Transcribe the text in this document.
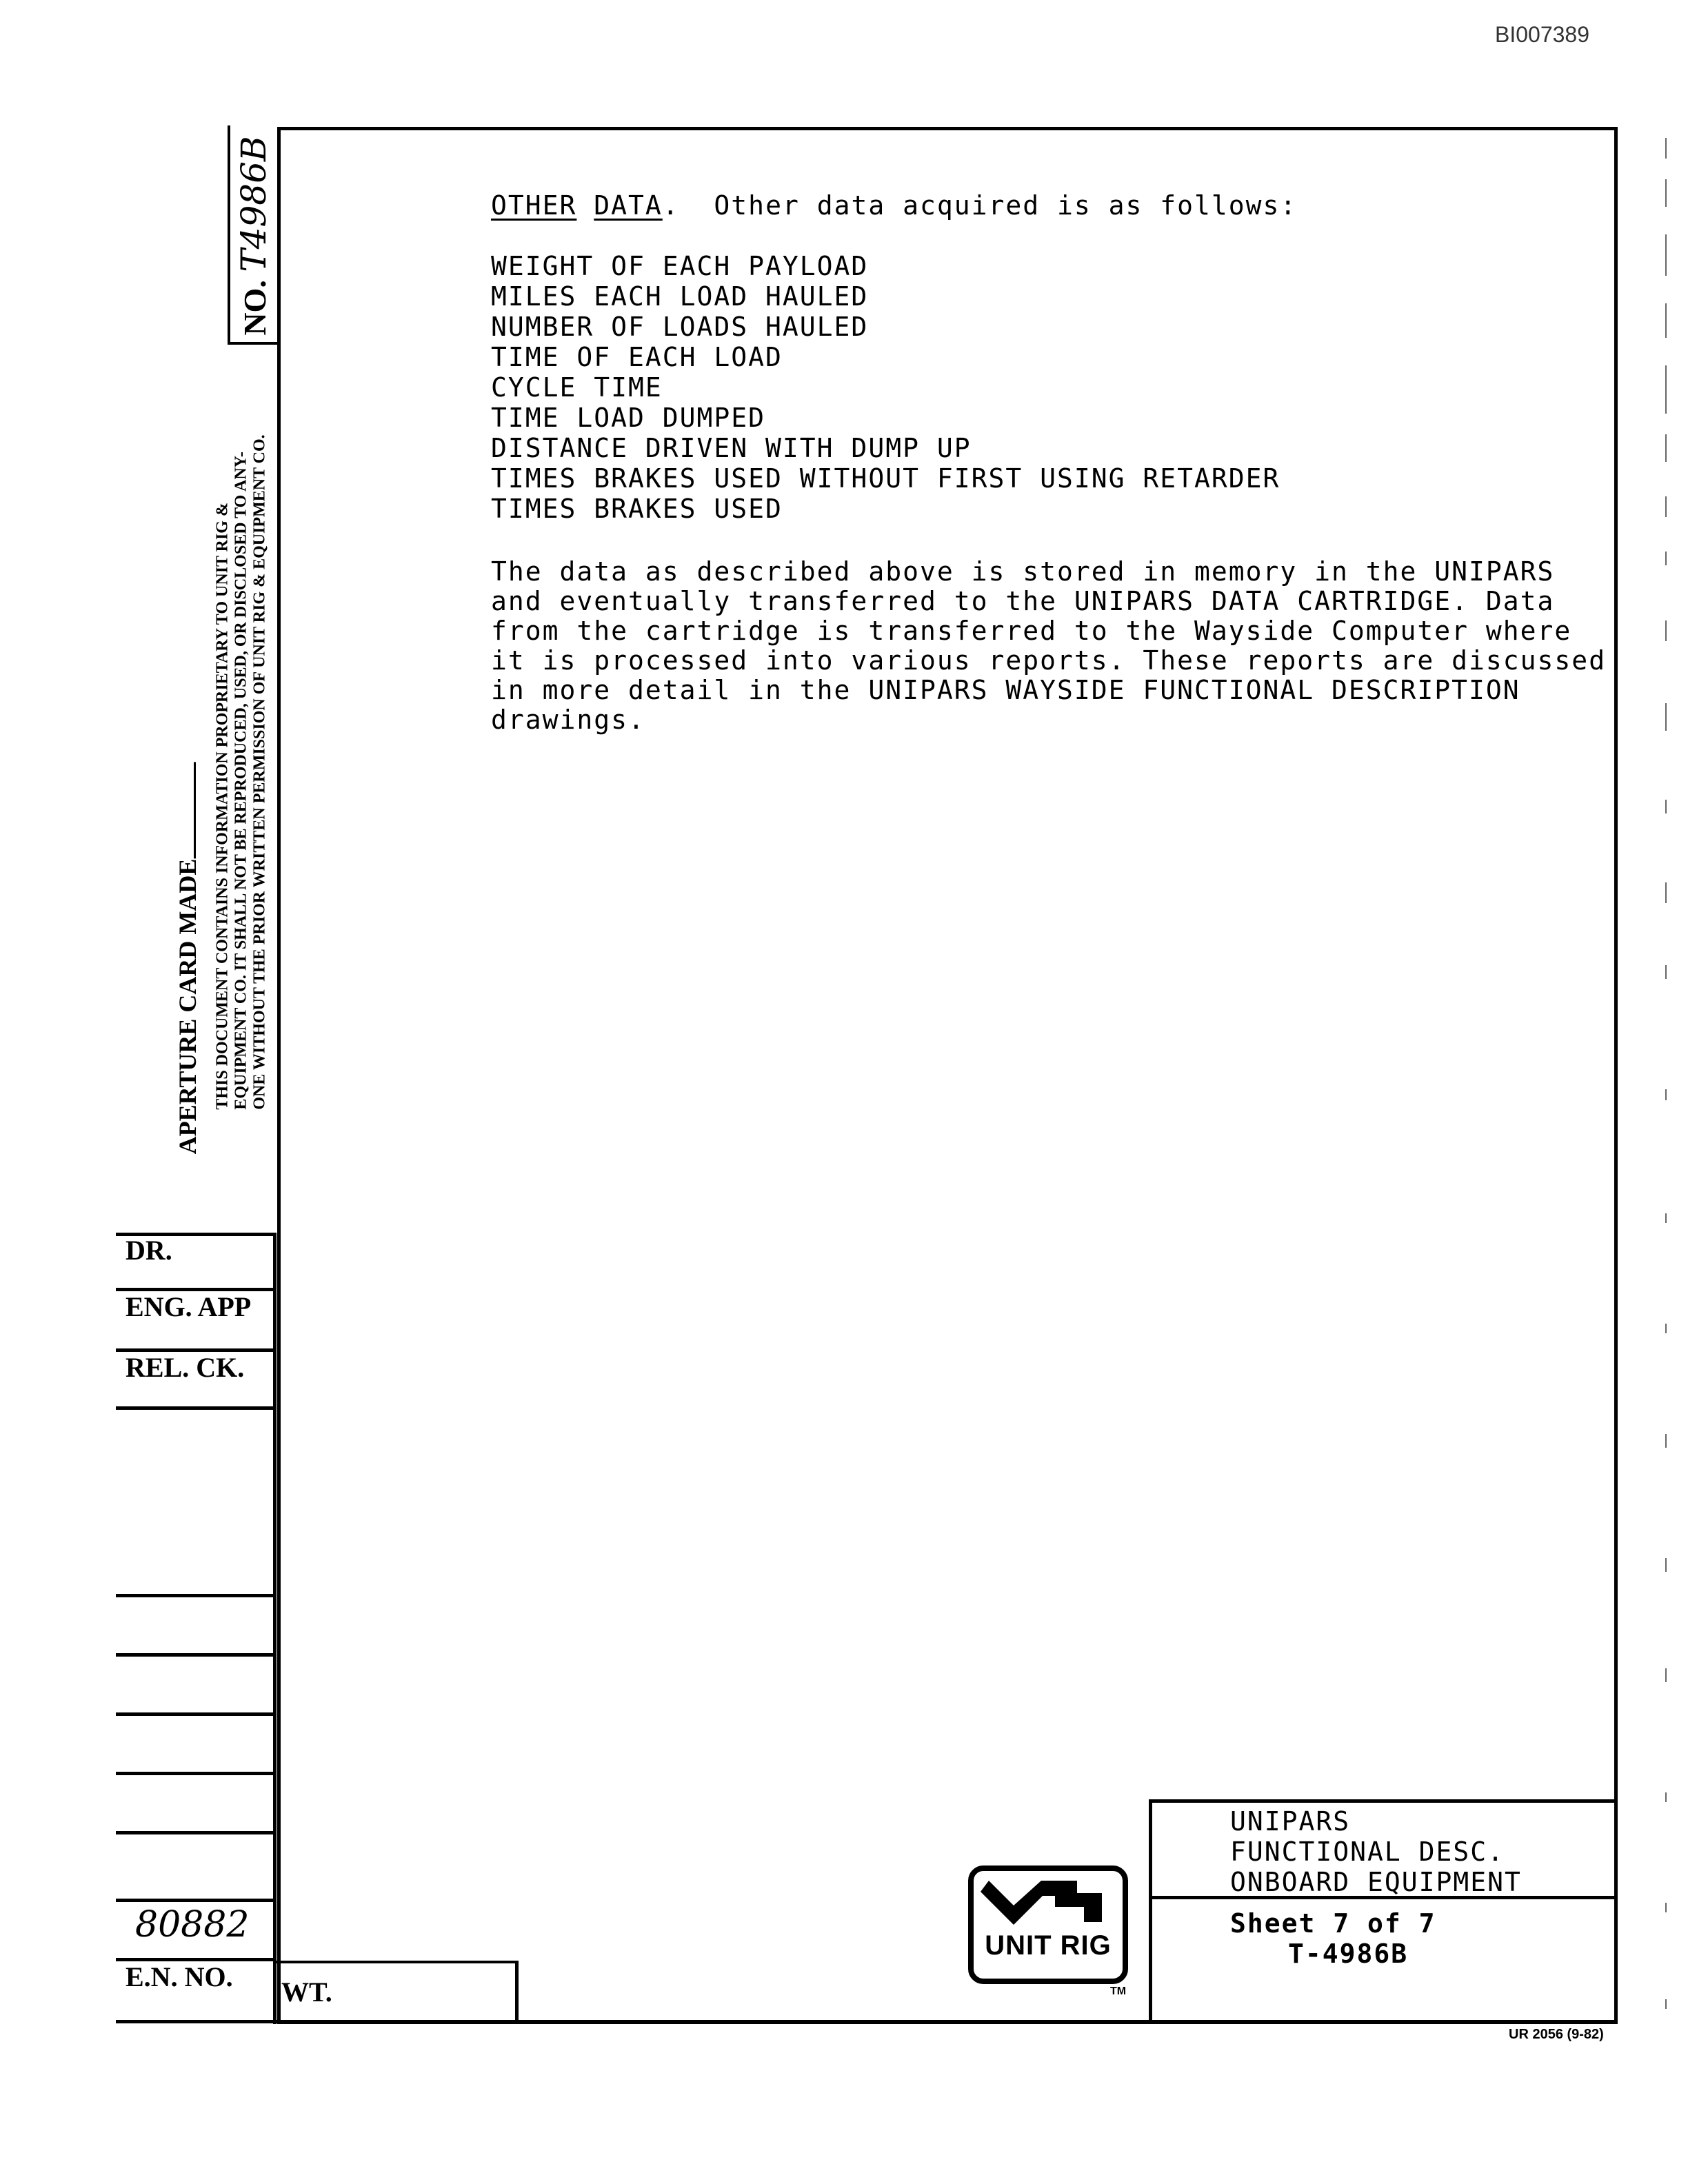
BI007389
NO. T4986B
APERTURE CARD MADE THIS DOCUMENT CONTAINS INFORMATION PROPRIETARY TO UNIT RIG & EQUIPMENT CO. IT SHALL NOT BE REPRODUCED, USED, OR DISCLOSED TO ANY- ONE WITHOUT THE PRIOR WRITTEN PERMISSION OF UNIT RIG & EQUIPMENT CO.
OTHER DATA.  Other data acquired is as follows:
WEIGHT OF EACH PAYLOAD
MILES EACH LOAD HAULED
NUMBER OF LOADS HAULED
TIME OF EACH LOAD
CYCLE TIME
TIME LOAD DUMPED
DISTANCE DRIVEN WITH DUMP UP
TIMES BRAKES USED WITHOUT FIRST USING RETARDER
TIMES BRAKES USED

The data as described above is stored in memory in the UNIPARS and eventually transferred to the UNIPARS DATA CARTRIDGE. Data from the cartridge is transferred to the Wayside Computer where it is processed into various reports. These reports are discussed in more detail in the UNIPARS WAYSIDE FUNCTIONAL DESCRIPTION drawings.

DR.
ENG. APP
REL. CK.
80882
E.N. NO. WT.
UNIT RIG
TM
UNIPARS
FUNCTIONAL DESC.
ONBOARD EQUIPMENT
Sheet 7 of 7
T-4986B
UR 2056 (9-82)
